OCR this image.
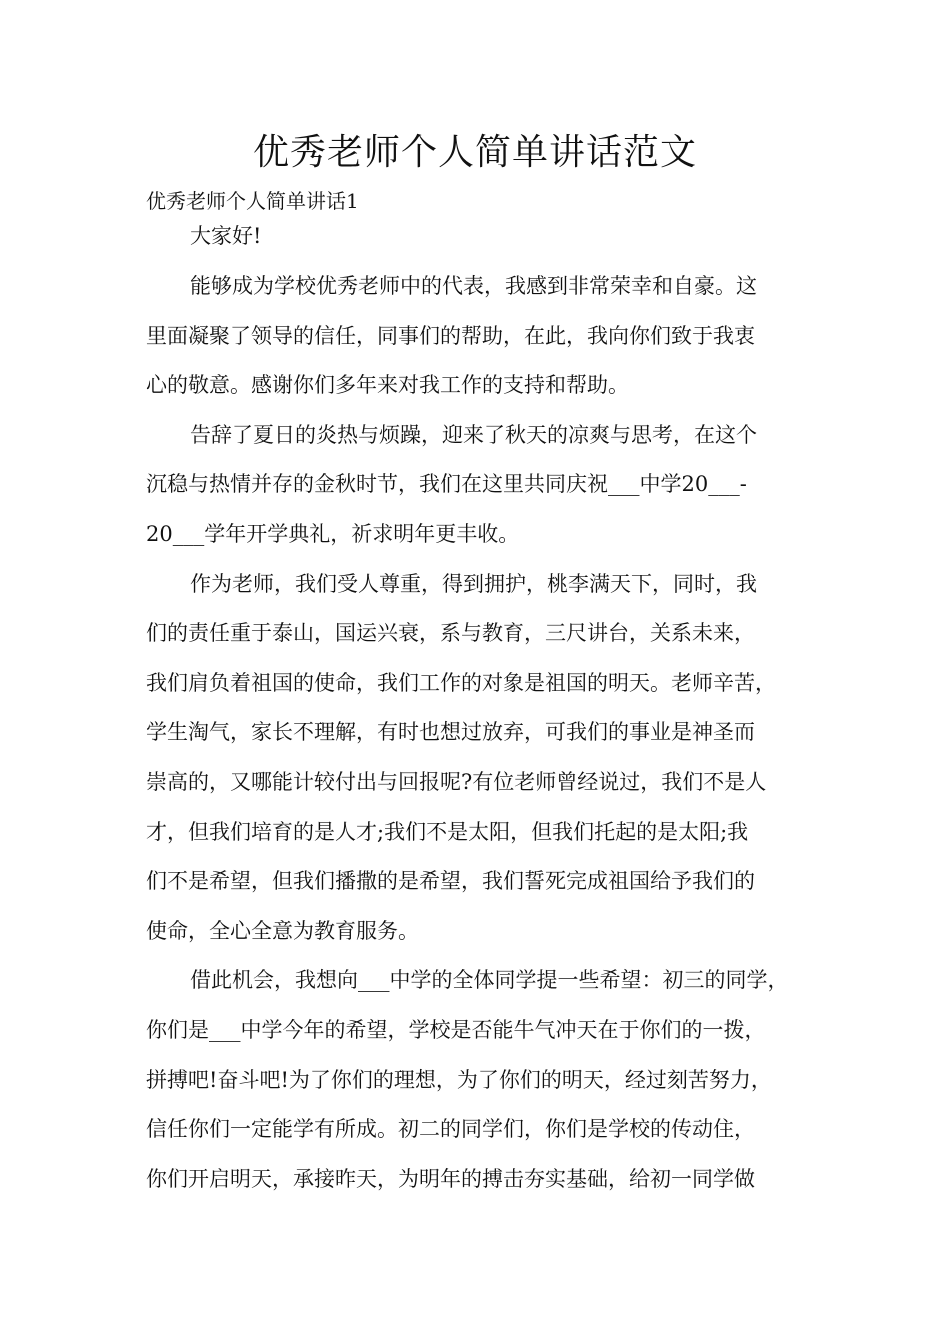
优秀老师个人简单讲话范文

优秀老师个人简单讲话1

大家好!

能够成为学校优秀老师中的代表，我感到非常荣幸和自豪。这

里面凝聚了领导的信任，同事们的帮助，在此，我向你们致于我衷

心的敬意。感谢你们多年来对我工作的支持和帮助。

告辞了夏日的炎热与烦躁，迎来了秋天的凉爽与思考，在这个

沉稳与热情并存的金秋时节，我们在这里共同庆祝___中学20___-

20___学年开学典礼，祈求明年更丰收。

作为老师，我们受人尊重，得到拥护，桃李满天下，同时，我

们的责任重于泰山，国运兴衰，系与教育，三尺讲台，关系未来，

我们肩负着祖国的使命，我们工作的对象是祖国的明天。老师辛苦，

学生淘气，家长不理解，有时也想过放弃，可我们的事业是神圣而

崇高的，又哪能计较付出与回报呢?有位老师曾经说过，我们不是人

才，但我们培育的是人才;我们不是太阳，但我们托起的是太阳;我

们不是希望，但我们播撒的是希望，我们誓死完成祖国给予我们的

使命，全心全意为教育服务。

借此机会，我想向___中学的全体同学提一些希望：初三的同学，

你们是___中学今年的希望，学校是否能牛气冲天在于你们的一拨，

拼搏吧!奋斗吧!为了你们的理想，为了你们的明天，经过刻苦努力，

信任你们一定能学有所成。初二的同学们，你们是学校的传动住，

你们开启明天，承接昨天，为明年的搏击夯实基础，给初一同学做
